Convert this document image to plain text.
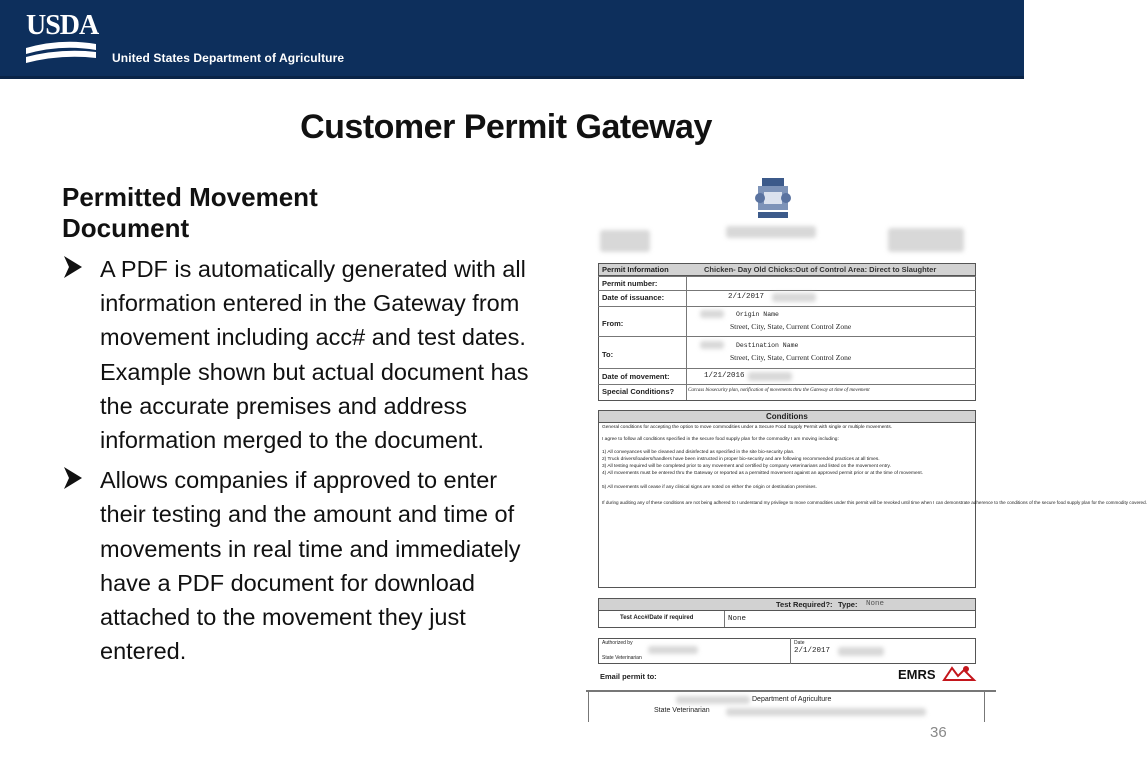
USDA
United States Department of Agriculture
Customer Permit Gateway
Permitted Movement Document
A PDF is automatically generated with all information entered in the Gateway from movement including acc# and test dates. Example shown but actual document has the accurate premises and address information merged to the document.
Allows companies if approved to enter their testing and the amount and time of movements in real time and immediately have a PDF document for download attached to the movement they just entered.
Permit Information	Chicken- Day Old Chicks:Out of Control Area: Direct to Slaughter
Permit number:
Date of issuance:	2/1/2017
From:
Origin Name
Street, City, State, Current Control Zone
To:
Destination Name
Street, City, State, Current Control Zone
Date of movement:	1/21/2016
Special Conditions?	Carcass biosecurity plan, notification of movements thru the Gateway at time of movement
Conditions
General conditions for accepting the option to move commodities under a Secure Food Supply Permit with single or multiple movements.
I agree to follow all conditions specified in the secure food supply plan for the commodity I am moving including:
1) All conveyances will be cleaned and disinfected as specified in the site bio-security plan.
2) Truck drivers/loaders/handlers have been instructed in proper bio-security and are following recommended practices at all times.
3) All testing required will be completed prior to any movement and certified by company veterinarians and listed on the movement entry.
4) All movements must be entered thru the Gateway or reported as a permitted movement against an approved permit prior or at the time of movement.
5) All movements will cease if any clinical signs are noted on either the origin or destination premises.
If during auditing any of these conditions are not being adhered to I understand my privilege to move commodities under this permit will be revoked until time when I can demonstrate adherence to the conditions of the secure food supply plan for the commodity covered.
Test Required?: Type: None
Test Acc#/Date if required	None
Authorized by
State Veterinarian
Date
2/1/2017
Email permit to:	EMRS
Department of Agriculture
State Veterinarian
36
